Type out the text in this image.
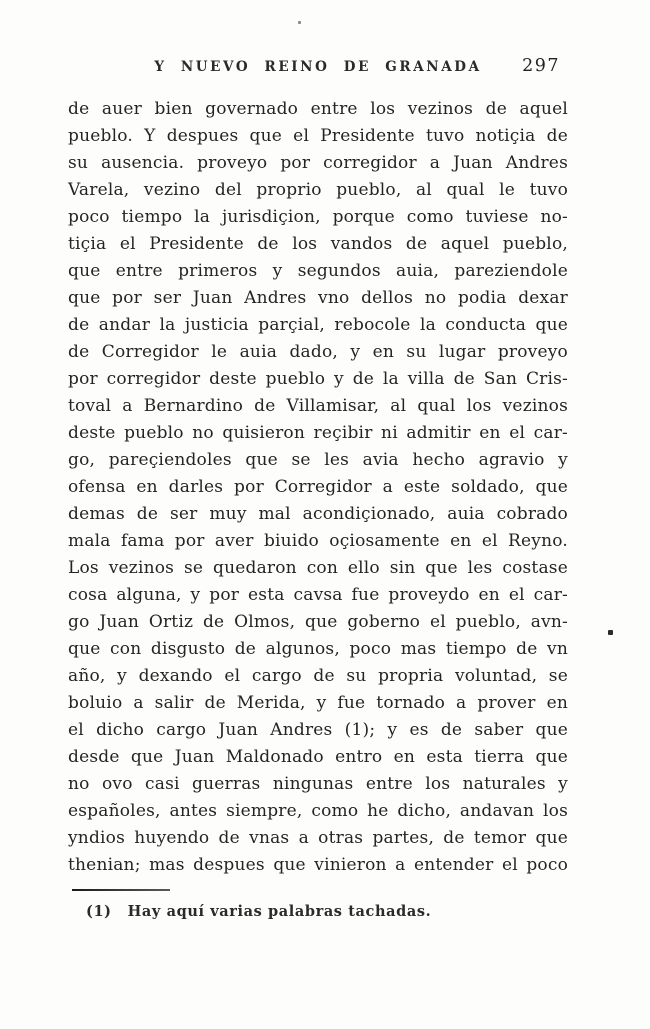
Y NUEVO REINO DE GRANADA	297
de auer bien governado entre los vezinos de aquel
pueblo. Y despues que el Presidente tuvo notiçia de
su ausencia. proveyo por corregidor a Juan Andres
Varela, vezino del proprio pueblo, al qual le tuvo
poco tiempo la jurisdiçion, porque como tuviese no-
tiçia el Presidente de los vandos de aquel pueblo,
que entre primeros y segundos auia, pareziendole
que por ser Juan Andres vno dellos no podia dexar
de andar la justicia parçial, rebocole la conducta que
de Corregidor le auia dado, y en su lugar proveyo
por corregidor deste pueblo y de la villa de San Cris-
toval a Bernardino de Villamisar, al qual los vezinos
deste pueblo no quisieron reçibir ni admitir en el car-
go, pareçiendoles que se les avia hecho agravio y
ofensa en darles por Corregidor a este soldado, que
demas de ser muy mal acondiçionado, auia cobrado
mala fama por aver biuido oçiosamente en el Reyno.
Los vezinos se quedaron con ello sin que les costase
cosa alguna, y por esta cavsa fue proveydo en el car-
go Juan Ortiz de Olmos, que goberno el pueblo, avn-
que con disgusto de algunos, poco mas tiempo de vn
año, y dexando el cargo de su propria voluntad, se
boluio a salir de Merida, y fue tornado a prover en
el dicho cargo Juan Andres (1); y es de saber que
desde que Juan Maldonado entro en esta tierra que
no ovo casi guerras ningunas entre los naturales y
españoles, antes siempre, como he dicho, andavan los
yndios huyendo de vnas a otras partes, de temor que
thenian; mas despues que vinieron a entender el poco
(1) Hay aquí varias palabras tachadas.
